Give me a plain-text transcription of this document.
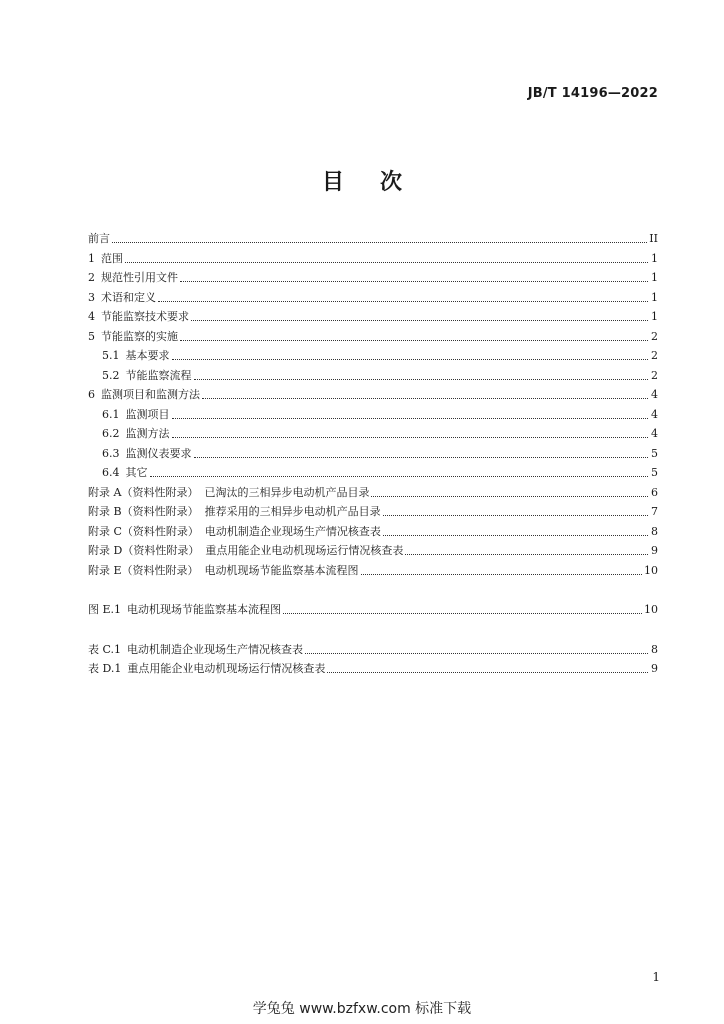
JB/T 14196—2022
目 次
前言	II
1 范围	1
2 规范性引用文件	1
3 术语和定义	1
4 节能监察技术要求	1
5 节能监察的实施	2
5.1 基本要求	2
5.2 节能监察流程	2
6 监测项目和监测方法	4
6.1 监测项目	4
6.2 监测方法	4
6.3 监测仪表要求	5
6.4 其它	5
附录 A（资料性附录） 已淘汰的三相异步电动机产品目录	6
附录 B（资料性附录） 推荐采用的三相异步电动机产品目录	7
附录 C（资料性附录） 电动机制造企业现场生产情况核查表	8
附录 D（资料性附录） 重点用能企业电动机现场运行情况核查表	9
附录 E（资料性附录） 电动机现场节能监察基本流程图	10
图 E.1 电动机现场节能监察基本流程图	10
表 C.1 电动机制造企业现场生产情况核查表	8
表 D.1 重点用能企业电动机现场运行情况核查表	9
1
学兔兔 www.bzfxw.com 标准下载
